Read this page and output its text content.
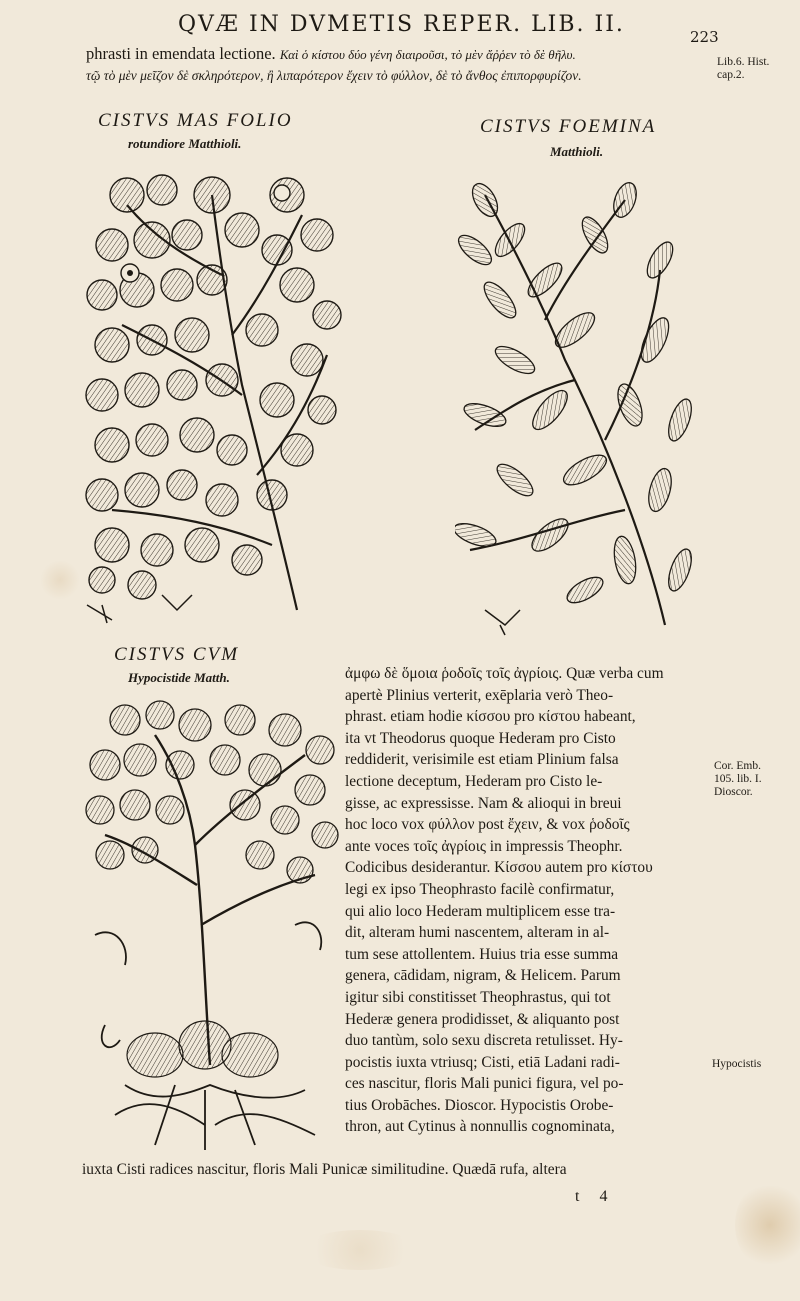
QVÆ IN DVMETIS REPER. LIB. II.	223
phrasti in emendata lectione. Καὶ ὁ κίστου δύο γένη διαιροῦσι, τὸ μὲν ἄῤῥεν τὸ δὲ θῆλυ.
τῷ τὸ μὲν μεῖζον δὲ σκληρότερον, ἢ λιπαρότερον ἔχειν τὸ φύλλον, δὲ τὸ ἄνθος ἐπιπορφυρίζον.
Lib.6. Hist.
cap.2.
Cor. Emb.
105. lib. I.
Dioscor.
Hypocistis
CISTVS MAS FOLIO
rotundiore Matthioli.
CISTVS FOEMINA
Matthioli.
CISTVS CVM
Hypocistide Matth.	ἀμφω δὲ ὅμοια ῥοδοῖς τοῖς ἀγρίοις. Quæ verba cum
apertè Plinius verterit, exēplaria verò Theo-
phrast. etiam hodie κίσσου pro κίστου habeant,
ita vt Theodorus quoque Hederam pro Cisto
reddiderit, verisimile est etiam Plinium falsa
lectione deceptum, Hederam pro Cisto le-
gisse, ac expressisse. Nam & alioqui in breui
hoc loco vox φύλλον post ἔχειν, & vox ῥοδοῖς
ante voces τοῖς ἀγρίοις in impressis Theophr.
Codicibus desiderantur. Κίσσου autem pro κίστου
legi ex ipso Theophrasto facilè confirmatur,
qui alio loco Hederam multiplicem esse tra-
dit, alteram humi nascentem, alteram in al-
tum sese attollentem. Huius tria esse summa
genera, cādidam, nigram, & Helicem. Parum
igitur sibi constitisset Theophrastus, qui tot
Hederæ genera prodidisset, & aliquanto post
duo tantùm, solo sexu discreta retulisset. Hy-
pocistis iuxta vtriusq; Cisti, etiā Ladani radi-
ces nascitur, floris Mali punici figura, vel po-
tius Orobāches. Dioscor. Hypocistis Orobe-
thron, aut Cytinus à nonnullis cognominata,
iuxta Cisti radices nascitur, floris Mali Punicæ similitudine. Quædā rufa, altera
t 4
